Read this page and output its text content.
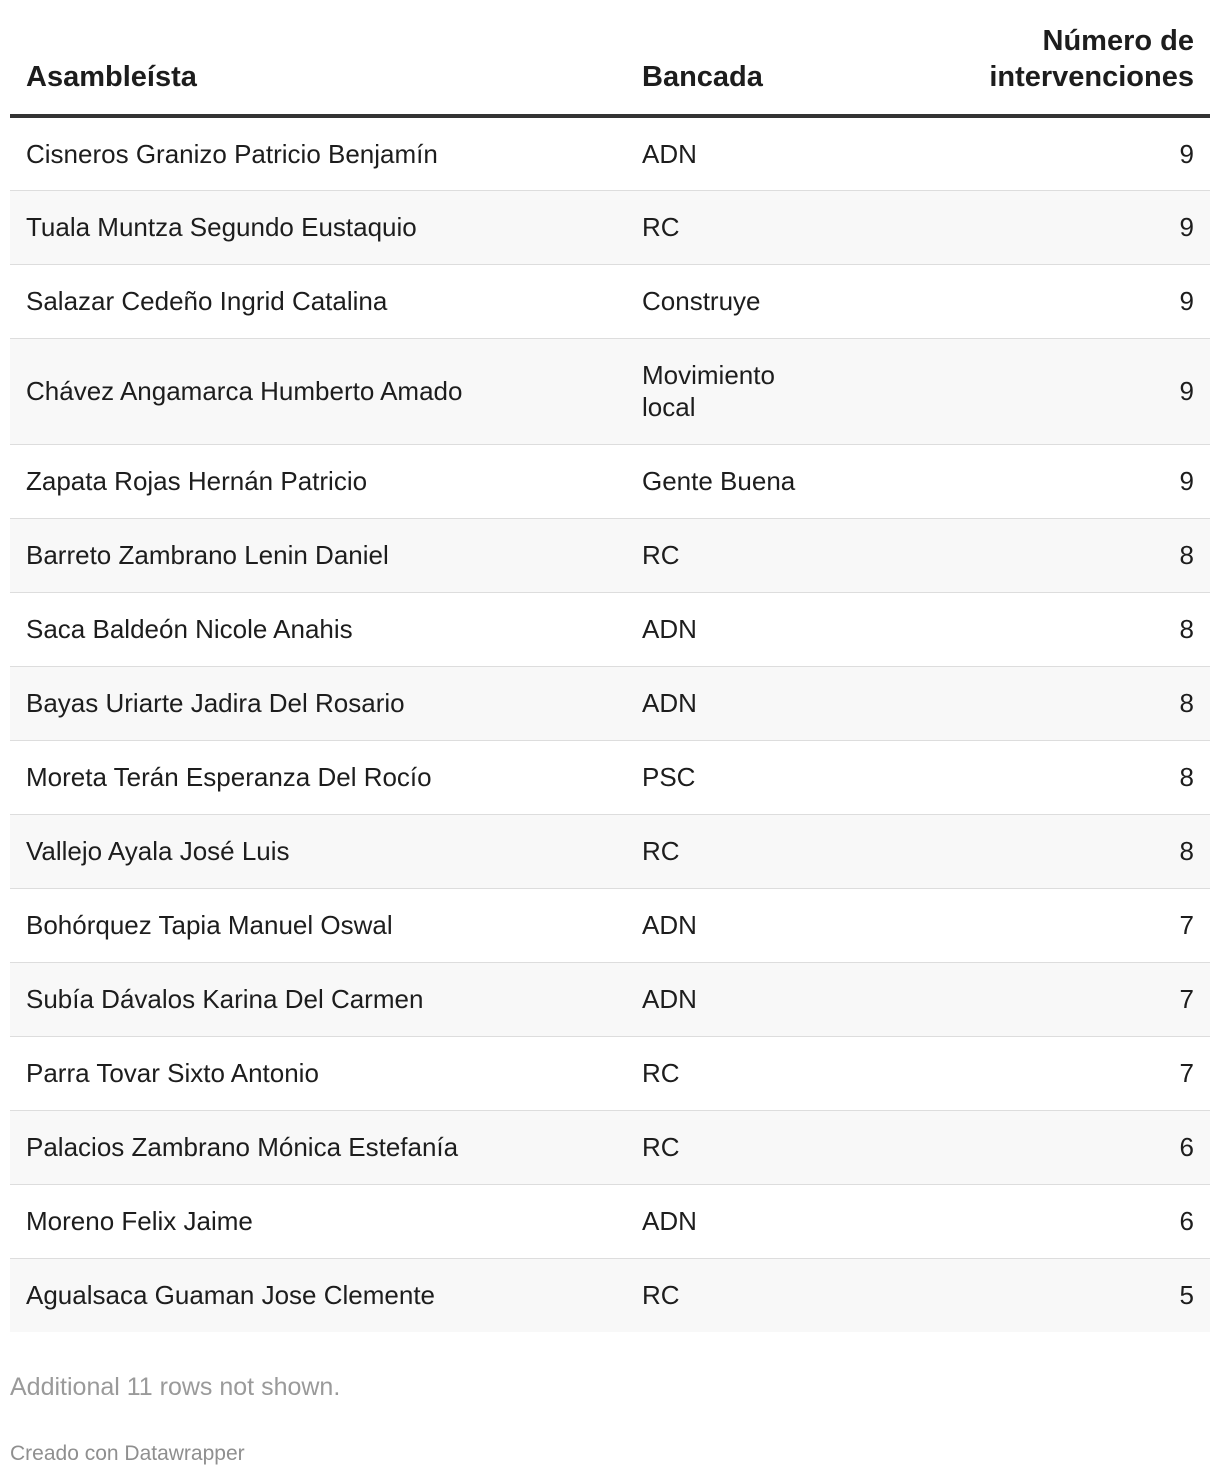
Asambleísta	Bancada	Número de intervenciones
Cisneros Granizo Patricio Benjamín	ADN	9
Tuala Muntza Segundo Eustaquio	RC	9
Salazar Cedeño Ingrid Catalina	Construye	9
Chávez Angamarca Humberto Amado	Movimiento local	9
Zapata Rojas Hernán Patricio	Gente Buena	9
Barreto Zambrano Lenin Daniel	RC	8
Saca Baldeón Nicole Anahis	ADN	8
Bayas Uriarte Jadira Del Rosario	ADN	8
Moreta Terán Esperanza Del Rocío	PSC	8
Vallejo Ayala José Luis	RC	8
Bohórquez Tapia Manuel Oswal	ADN	7
Subía Dávalos Karina Del Carmen	ADN	7
Parra Tovar Sixto Antonio	RC	7
Palacios Zambrano Mónica Estefanía	RC	6
Moreno Felix Jaime	ADN	6
Agualsaca Guaman Jose Clemente	RC	5
Additional 11 rows not shown.
Creado con Datawrapper
